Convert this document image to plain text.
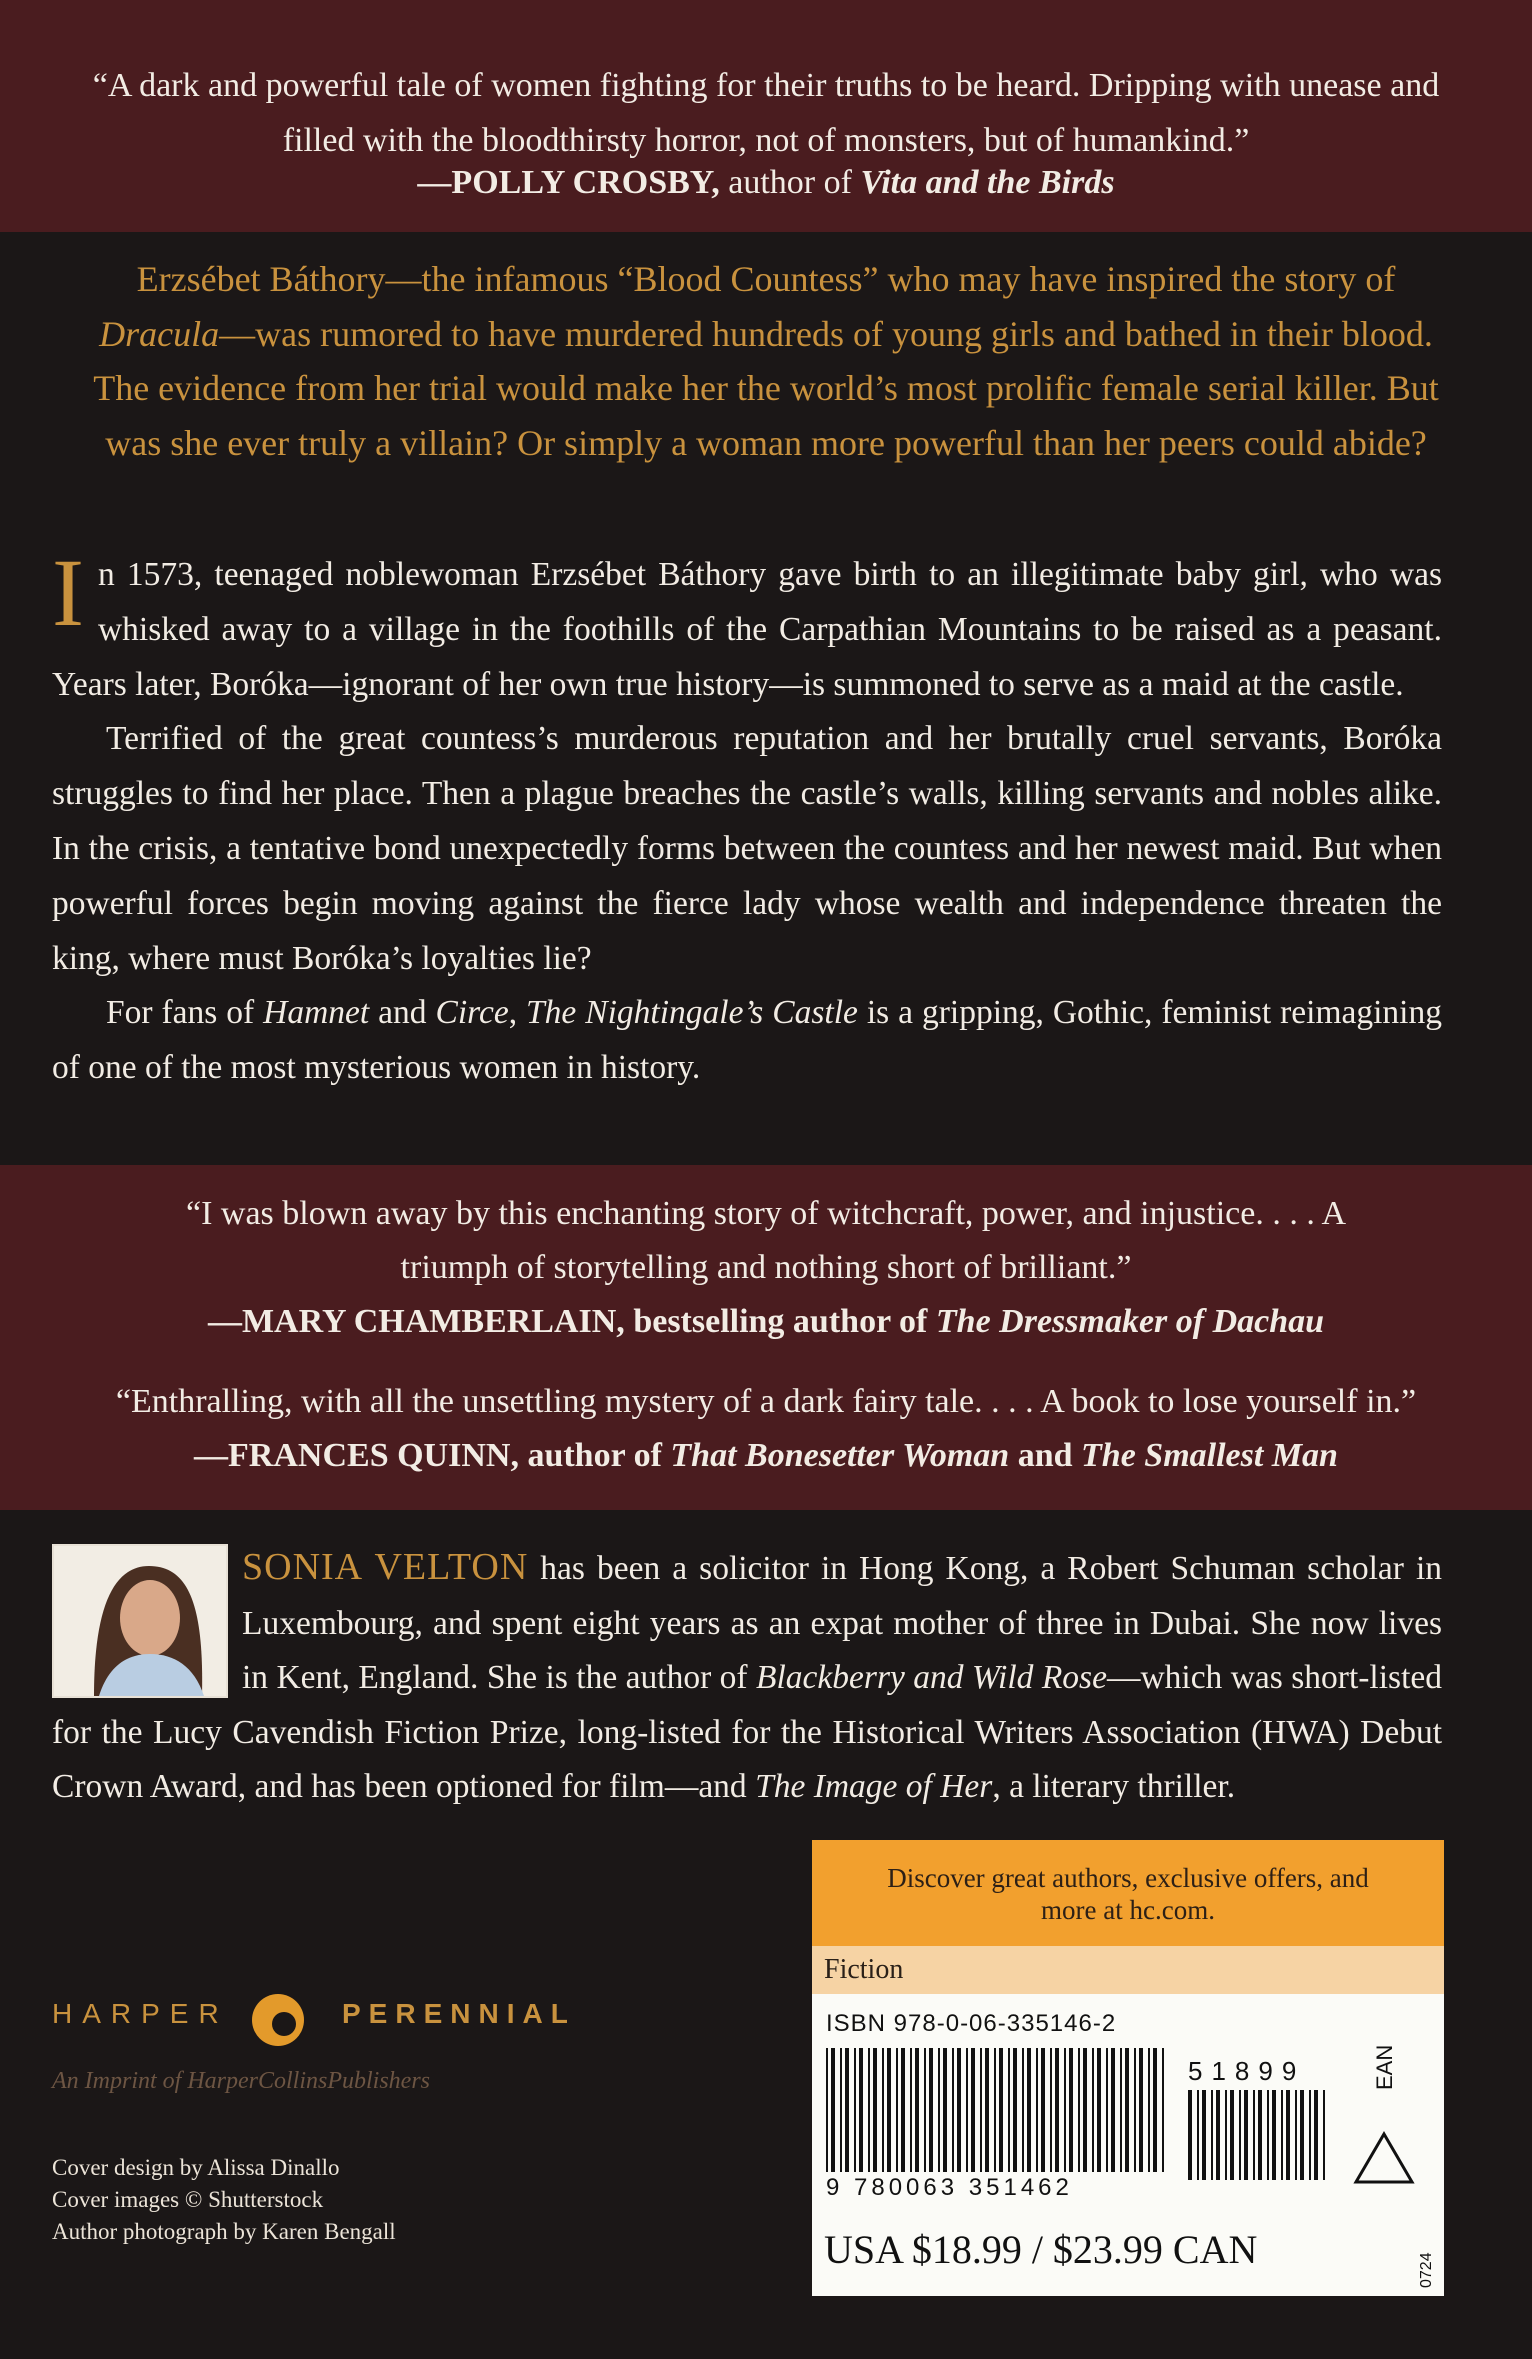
“A dark and powerful tale of women fighting for their truths to be heard. Dripping with unease and filled with the bloodthirsty horror, not of monsters, but of humankind.”
—POLLY CROSBY, author of Vita and the Birds
Erzsébet Báthory—the infamous “Blood Countess” who may have inspired the story of Dracula—was rumored to have murdered hundreds of young girls and bathed in their blood. The evidence from her trial would make her the world’s most prolific female serial killer. But was she ever truly a villain? Or simply a woman more powerful than her peers could abide?

In 1573, teenaged noblewoman Erzsébet Báthory gave birth to an illegitimate baby girl, who was whisked away to a village in the foothills of the Carpathian Mountains to be raised as a peasant. Years later, Boróka—ignorant of her own true history—is summoned to serve as a maid at the castle.

Terrified of the great countess’s murderous reputation and her brutally cruel servants, Boróka struggles to find her place. Then a plague breaches the castle’s walls, killing servants and nobles alike. In the crisis, a tentative bond unexpectedly forms between the countess and her newest maid. But when powerful forces begin moving against the fierce lady whose wealth and independence threaten the king, where must Boróka’s loyalties lie?

For fans of Hamnet and Circe, The Nightingale’s Castle is a gripping, Gothic, feminist reimagining of one of the most mysterious women in history.

“I was blown away by this enchanting story of witchcraft, power, and injustice. . . . A triumph of storytelling and nothing short of brilliant.”
—MARY CHAMBERLAIN, bestselling author of The Dressmaker of Dachau
“Enthralling, with all the unsettling mystery of a dark fairy tale. . . . A book to lose yourself in.”
—FRANCES QUINN, author of That Bonesetter Woman and The Smallest Man
SONIA VELTON has been a solicitor in Hong Kong, a Robert Schuman scholar in Luxembourg, and spent eight years as an expat mother of three in Dubai. She now lives in Kent, England. She is the author of Blackberry and Wild Rose—which was short-listed for the Lucy Cavendish Fiction Prize, long-listed for the Historical Writers Association (HWA) Debut Crown Award, and has been optioned for film—and The Image of Her, a literary thriller.
HARPER	PERENNIAL
An Imprint of HarperCollinsPublishers
Cover design by Alissa Dinallo
Cover images © Shutterstock
Author photograph by Karen Bengall
Discover great authors, exclusive offers, and more at hc.com.
Fiction
ISBN 978-0-06-335146-2
51899	EAN
9 780063 351462
USA $18.99 / $23.99 CAN	0724
